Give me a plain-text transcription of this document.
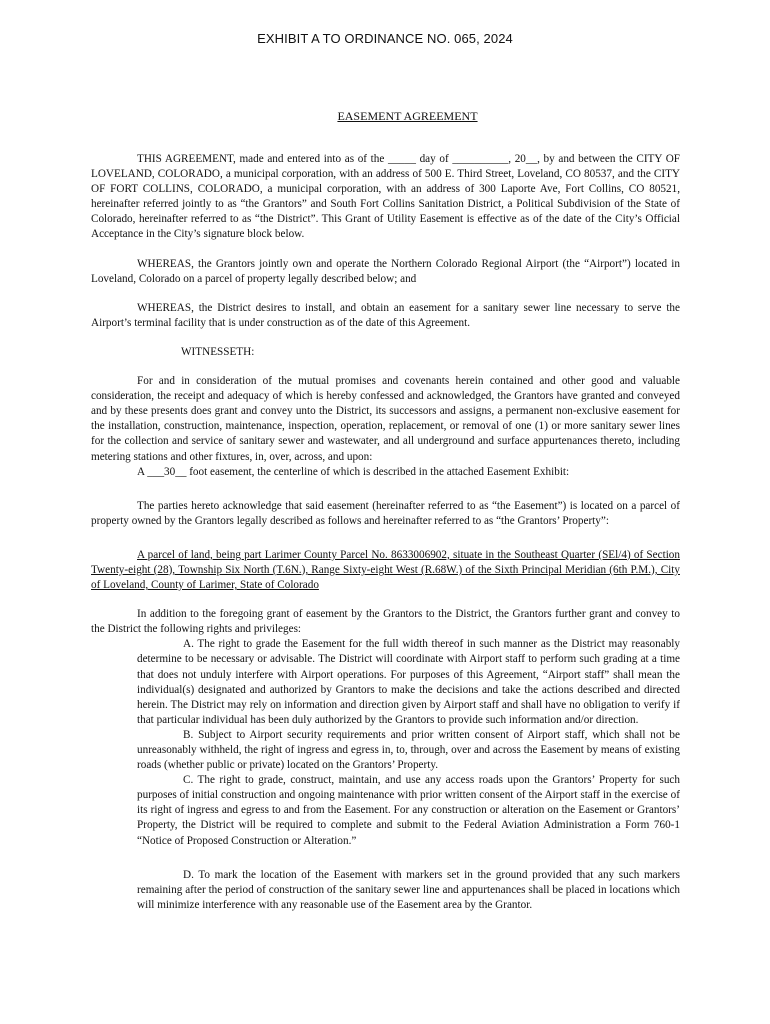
EXHIBIT A TO ORDINANCE NO. 065, 2024
EASEMENT AGREEMENT

THIS AGREEMENT, made and entered into as of the _____ day of __________, 20__, by and between the CITY OF LOVELAND, COLORADO, a municipal corporation, with an address of 500 E. Third Street, Loveland, CO 80537, and the CITY OF FORT COLLINS, COLORADO, a municipal corporation, with an address of 300 Laporte Ave, Fort Collins, CO 80521, hereinafter referred jointly to as “the Grantors” and South Fort Collins Sanitation District, a Political Subdivision of the State of Colorado, hereinafter referred to as “the District”. This Grant of Utility Easement is effective as of the date of the City’s Official Acceptance in the City’s signature block below.

WHEREAS, the Grantors jointly own and operate the Northern Colorado Regional Airport (the “Airport”) located in Loveland, Colorado on a parcel of property legally described below; and

WHEREAS, the District desires to install, and obtain an easement for a sanitary sewer line necessary to serve the Airport’s terminal facility that is under construction as of the date of this Agreement.

WITNESSETH:

For and in consideration of the mutual promises and covenants herein contained and other good and valuable consideration, the receipt and adequacy of which is hereby confessed and acknowledged, the Grantors have granted and conveyed and by these presents does grant and convey unto the District, its successors and assigns, a permanent non-exclusive easement for the installation, construction, maintenance, inspection, operation, replacement, or removal of one (1) or more sanitary sewer lines for the collection and service of sanitary sewer and wastewater, and all underground and surface appurtenances thereto, including metering stations and other fixtures, in, over, across, and upon:

A ___30__ foot easement, the centerline of which is described in the attached Easement Exhibit:

The parties hereto acknowledge that said easement (hereinafter referred to as “the Easement”) is located on a parcel of property owned by the Grantors legally described as follows and hereinafter referred to as “the Grantors’ Property”:

A parcel of land, being part Larimer County Parcel No. 8633006902, situate in the Southeast Quarter (SEl/4) of Section Twenty-eight (28), Township Six North (T.6N.), Range Sixty-eight West (R.68W.) of the Sixth Principal Meridian (6th P.M.), City of Loveland, County of Larimer, State of Colorado

In addition to the foregoing grant of easement by the Grantors to the District, the Grantors further grant and convey to the District the following rights and privileges:

A. The right to grade the Easement for the full width thereof in such manner as the District may reasonably determine to be necessary or advisable. The District will coordinate with Airport staff to perform such grading at a time that does not unduly interfere with Airport operations. For purposes of this Agreement, “Airport staff” shall mean the individual(s) designated and authorized by Grantors to make the decisions and take the actions described and directed herein. The District may rely on information and direction given by Airport staff and shall have no obligation to verify if that particular individual has been duly authorized by the Grantors to provide such information and/or direction.

B. Subject to Airport security requirements and prior written consent of Airport staff, which shall not be unreasonably withheld, the right of ingress and egress in, to, through, over and across the Easement by means of existing roads (whether public or private) located on the Grantors’ Property.

C. The right to grade, construct, maintain, and use any access roads upon the Grantors’ Property for such purposes of initial construction and ongoing maintenance with prior written consent of the Airport staff in the exercise of its right of ingress and egress to and from the Easement. For any construction or alteration on the Easement or Grantors’ Property, the District will be required to complete and submit to the Federal Aviation Administration a Form 760-1 “Notice of Proposed Construction or Alteration.”

D. To mark the location of the Easement with markers set in the ground provided that any such markers remaining after the period of construction of the sanitary sewer line and appurtenances shall be placed in locations which will minimize interference with any reasonable use of the Easement area by the Grantor.
